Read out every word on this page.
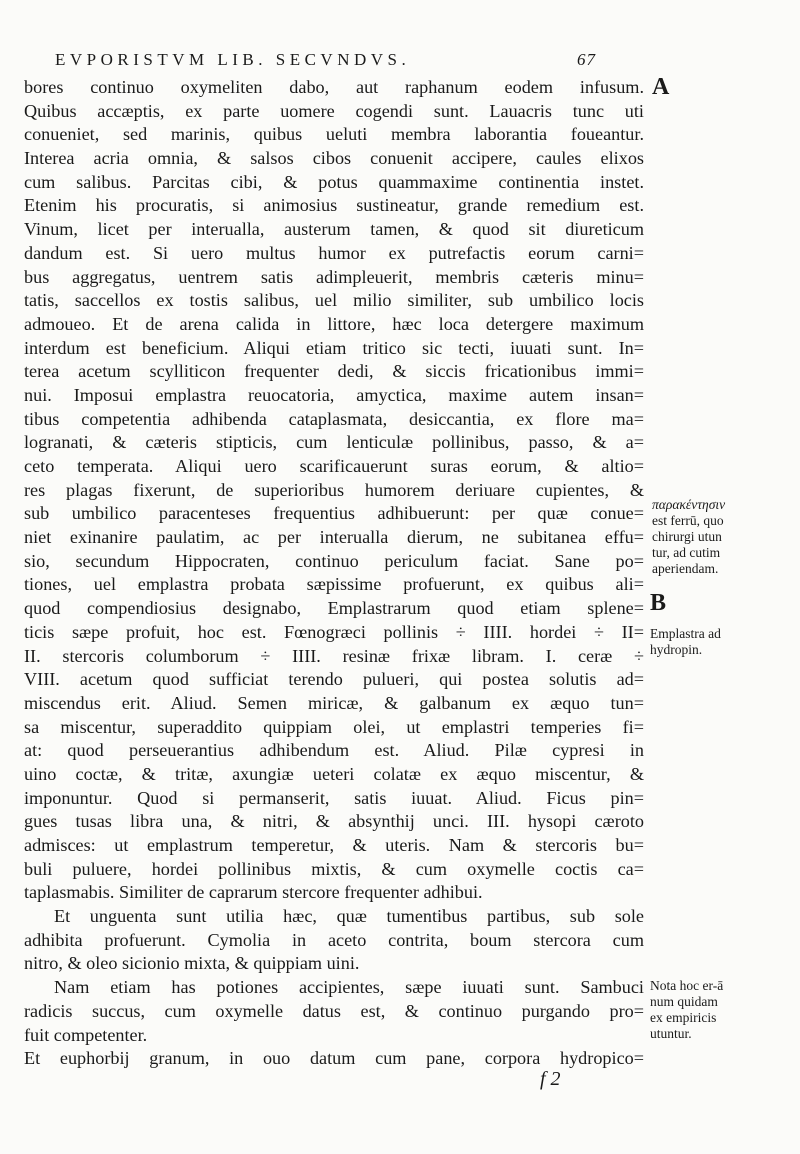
EVPORISTVM LIB. SECVNDVS.	67
A
B
bores continuo oxymeliten dabo, aut raphanum eodem infusum.
Quibus accæptis, ex parte uomere cogendi sunt. Lauacris tunc uti
conueniet, sed marinis, quibus ueluti membra laborantia foueantur.
Interea acria omnia, & salsos cibos conuenit accipere, caules elixos
cum salibus. Parcitas cibi, & potus quammaxime continentia instet.
Etenim his procuratis, si animosius sustineatur, grande remedium est.
Vinum, licet per interualla, austerum tamen, & quod sit diureticum
dandum est. Si uero multus humor ex putrefactis eorum carni=
bus aggregatus, uentrem satis adimpleuerit, membris cæteris minu=
tatis, saccellos ex tostis salibus, uel milio similiter, sub umbilico locis
admoueo. Et de arena calida in littore, hæc loca detergere maximum
interdum est beneficium. Aliqui etiam tritico sic tecti, iuuati sunt. In=
terea acetum scylliticon frequenter dedi, & siccis fricationibus immi=
nui. Imposui emplastra reuocatoria, amyctica, maxime autem insan=
tibus competentia adhibenda cataplasmata, desiccantia, ex flore ma=
logranati, & cæteris stipticis, cum lenticulæ pollinibus, passo, & a=
ceto temperata. Aliqui uero scarificauerunt suras eorum, & altio=
res plagas fixerunt, de superioribus humorem deriuare cupientes, &
sub umbilico paracenteses frequentius adhibuerunt: per quæ conue=
niet exinanire paulatim, ac per interualla dierum, ne subitanea effu=
sio, secundum Hippocraten, continuo periculum faciat. Sane po=
tiones, uel emplastra probata sæpissime profuerunt, ex quibus ali=
quod compendiosius designabo, Emplastrarum quod etiam splene=
ticis sæpe profuit, hoc est. Fœnogræci pollinis ÷ IIII. hordei ÷ II=
II. stercoris columborum ÷ IIII. resinæ frixæ libram. I. ceræ ÷
VIII. acetum quod sufficiat terendo pulueri, qui postea solutis ad=
miscendus erit. Aliud. Semen miricæ, & galbanum ex æquo tun=
sa miscentur, superaddito quippiam olei, ut emplastri temperies fi=
at: quod perseuerantius adhibendum est. Aliud. Pilæ cypresi in
uino coctæ, & tritæ, axungiæ ueteri colatæ ex æquo miscentur, &
imponuntur. Quod si permanserit, satis iuuat. Aliud. Ficus pin=
gues tusas libra una, & nitri, & absynthij unci. III. hysopi cæroto
admisces: ut emplastrum temperetur, & uteris. Nam & stercoris bu=
buli puluere, hordei pollinibus mixtis, & cum oxymelle coctis ca=
taplasmabis. Similiter de caprarum stercore frequenter adhibui.
Et unguenta sunt utilia hæc, quæ tumentibus partibus, sub sole
adhibita profuerunt. Cymolia in aceto contrita, boum stercora cum
nitro, & oleo sicionio mixta, & quippiam uini.
Nam etiam has potiones accipientes, sæpe iuuati sunt. Sambuci
radicis succus, cum oxymelle datus est, & continuo purgando pro=
fuit competenter.
Et euphorbij granum, in ouo datum cum pane, corpora hydropico=
παρακέντησιν
est ferrū, quo
chirurgi utun
tur, ad cutim
aperiendam.
Emplastra ad
hydropin.
Nota hoc er-ā
num quidam
ex empiricis
utuntur.
f 2
